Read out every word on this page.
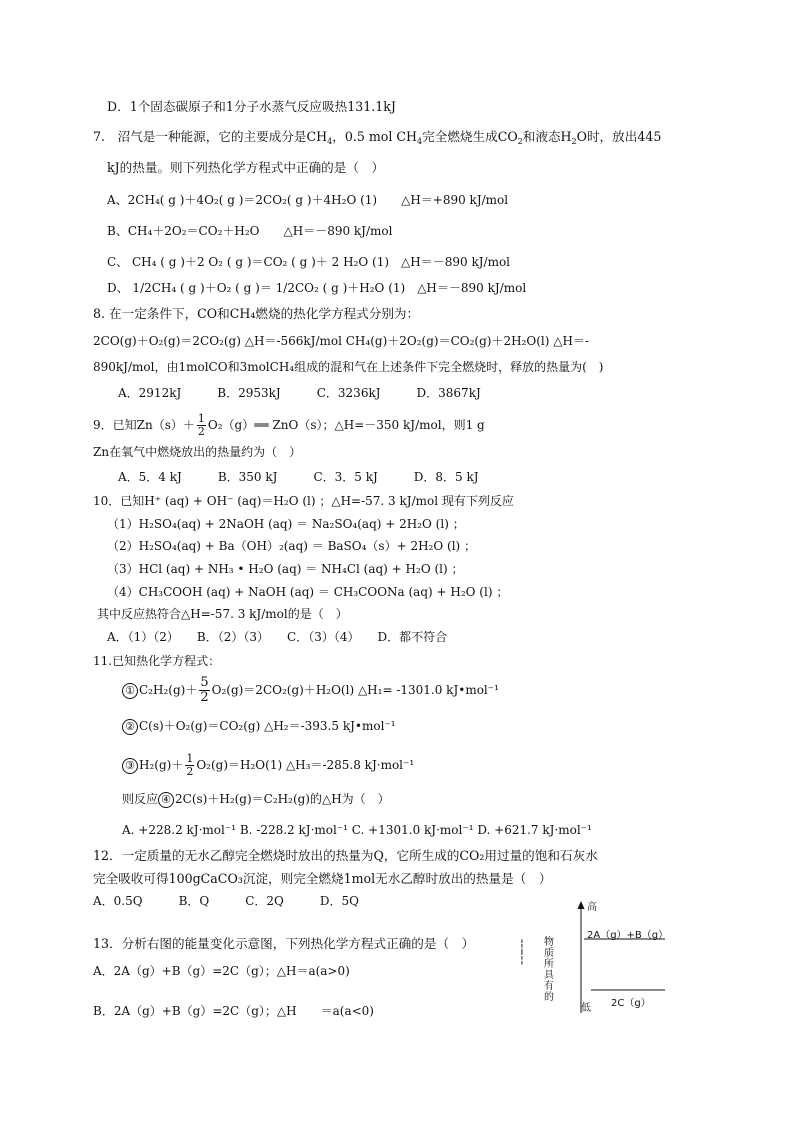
D．1个固态碳原子和1分子水蒸气反应吸热131.1kJ
7.　沼气是一种能源，它的主要成分是$CH_4$，0.5 mol $CH_4$完全燃烧生成$CO_2$和液态$H_2O$时，放出445
kJ的热量。则下列热化学方程式中正确的是（　）
A、2CH₄( g )＋4O₂( g )＝2CO₂( g )＋4H₂O (1)　　△H＝+890 kJ/mol
B、CH₄＋2O₂＝CO₂＋H₂O　　△H＝－890 kJ/mol
C、 CH₄ ( g )＋2 O₂ ( g )＝CO₂ ( g )＋ 2 H₂O (1)　△H＝－890 kJ/mol
D、 1/2CH₄ ( g )＋O₂ ( g )＝ 1/2CO₂ ( g )＋H₂O (1)　△H＝－890 kJ/mol
8. 在一定条件下，CO和CH₄燃烧的热化学方程式分别为：
2CO(g)＋O₂(g)＝2CO₂(g) △H＝-566kJ/mol CH₄(g)＋2O₂(g)＝CO₂(g)＋2H₂O(l) △H＝-
890kJ/mol，由1molCO和3molCH₄组成的混和气在上述条件下完全燃烧时，释放的热量为(　)
A．2912kJ　　　B．2953kJ　　　C．3236kJ　　　D．3867kJ
9．已知$Zn(s)+ \frac{1}{2}$ O₂（g）══ ZnO（s）；△H=－350 kJ/mol，则1 g
Zn在氧气中燃烧放出的热量约为（　）
A．5．4 kJ　　　B．350 kJ　　　C．3．5 kJ　　　D．8．5 kJ
10．已知H⁺ (aq) + OH⁻ (aq)＝H₂O (l) ；△H=-57. 3 kJ/mol 现有下列反应
（1）H₂SO₄(aq) + 2NaOH (aq) ＝ Na₂SO₄(aq) + 2H₂O (l) ；
（2）H₂SO₄(aq) + Ba（OH）₂(aq) ＝ BaSO₄（s）+ 2H₂O (l) ；
（3）HCl (aq) + NH₃ • H₂O (aq) ＝ NH₄Cl (aq) + H₂O (l) ；
（4）CH₃COOH (aq) + NaOH (aq) ＝ CH₃COONa (aq) + H₂O (l) ；
其中反应热符合△H=-57. 3 kJ/mol的是（　）
A．（1）（2）　　B．（2）（3）　　C．（3）（4）　　D．都不符合
11.已知热化学方程式：
① $C_2H_2(g)+ \frac{5}{2} O_2(g)=2CO_2(g)+H_2O(l)$ △H₁= -1301.0 kJ•mol⁻¹
② C(s)＋O₂(g)＝CO₂(g) △H₂＝-393.5 kJ•mol⁻¹
③ $H_2(g)+ \frac{1}{2} O_2(g)=H_2O(1)$ △H₃＝-285.8 kJ·mol⁻¹
则反应 ④ 2C(s)＋H₂(g)＝C₂H₂(g)的△H为（　）
A. +228.2 kJ·mol⁻¹ B. -228.2 kJ·mol⁻¹ C. +1301.0 kJ·mol⁻¹ D. +621.7 kJ·mol⁻¹
12．一定质量的无水乙醇完全燃烧时放出的热量为Q，它所生成的CO₂用过量的饱和石灰水
完全吸收可得100gCaCO₃沉淀，则完全燃烧1mol无水乙醇时放出的热量是（　）
A．0.5Q　　　B．Q　　　C．2Q　　　D．5Q
13．分析右图的能量变化示意图，下列热化学方程式正确的是（　）
A．2A（g）+B（g）=2C（g）；△H＝a(a>0)
B．2A（g）+B（g）=2C（g）；△H　　＝a(a<0)
高
低
┆
┆
物
质
所
具
有
的
2A（g）+B（g）
2C（g）
